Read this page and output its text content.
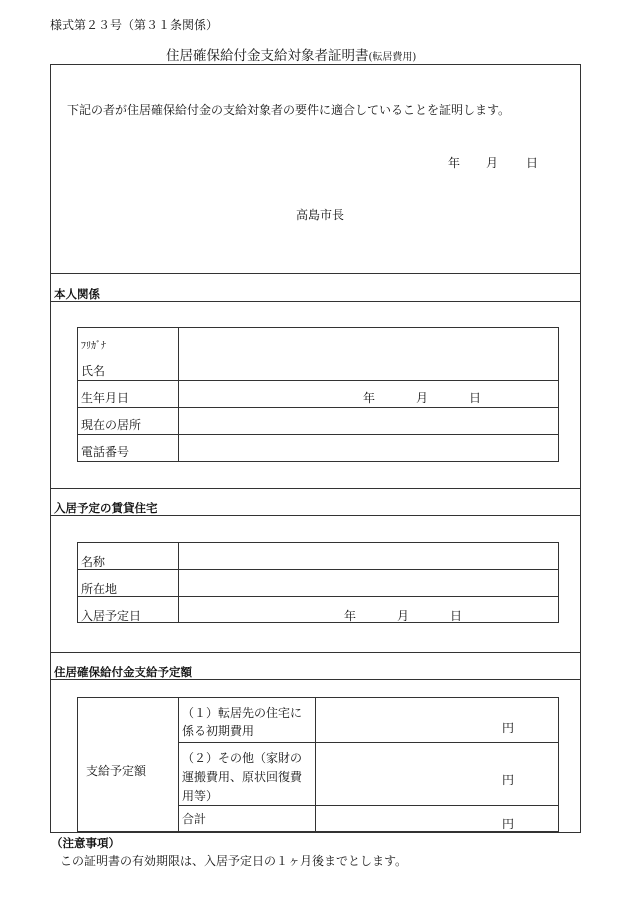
様式第２３号（第３１条関係）
住居確保給付金支給対象者証明書(転居費用)
下記の者が住居確保給付金の支給対象者の要件に適合していることを証明します。
年 月 日
高島市長
本人関係
ﾌﾘｶﾞﾅ
氏名
生年月日	年	月	日
現在の居所
電話番号
入居予定の賃貸住宅
名称
所在地
入居予定日	年	月	日
住居確保給付金支給予定額
支給予定額
（１）転居先の住宅に
係る初期費用	円
（２）その他（家財の
運搬費用、原状回復費
用等）
円
合計	円
（注意事項）
この証明書の有効期限は、入居予定日の１ヶ月後までとします。
